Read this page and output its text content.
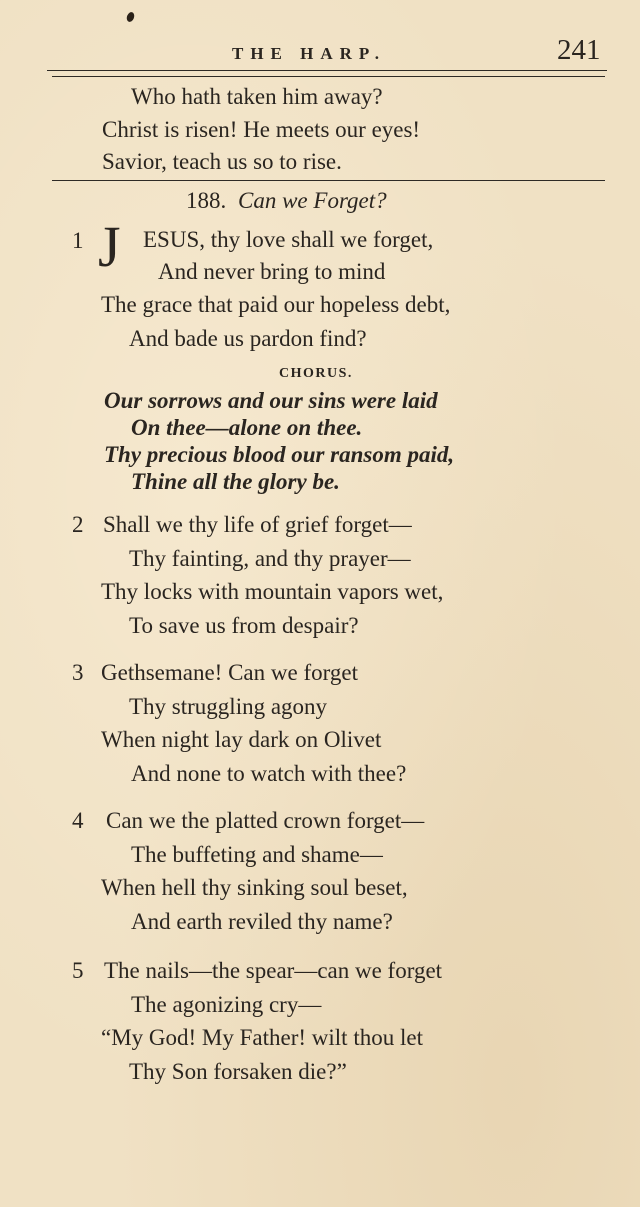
THE HARP.	241
Who hath taken him away?
Christ is risen! He meets our eyes!
Savior, teach us so to rise.
188. Can we Forget?
1 J ESUS, thy love shall we forget,
And never bring to mind
The grace that paid our hopeless debt,
And bade us pardon find?
CHORUS.
Our sorrows and our sins were laid
On thee—alone on thee.
Thy precious blood our ransom paid,
Thine all the glory be.
2 Shall we thy life of grief forget—
Thy fainting, and thy prayer—
Thy locks with mountain vapors wet,
To save us from despair?
3 Gethsemane! Can we forget
Thy struggling agony
When night lay dark on Olivet
And none to watch with thee?
4 Can we the platted crown forget—
The buffeting and shame—
When hell thy sinking soul beset,
And earth reviled thy name?
5 The nails—the spear—can we forget
The agonizing cry—
“My God! My Father! wilt thou let
Thy Son forsaken die?”
